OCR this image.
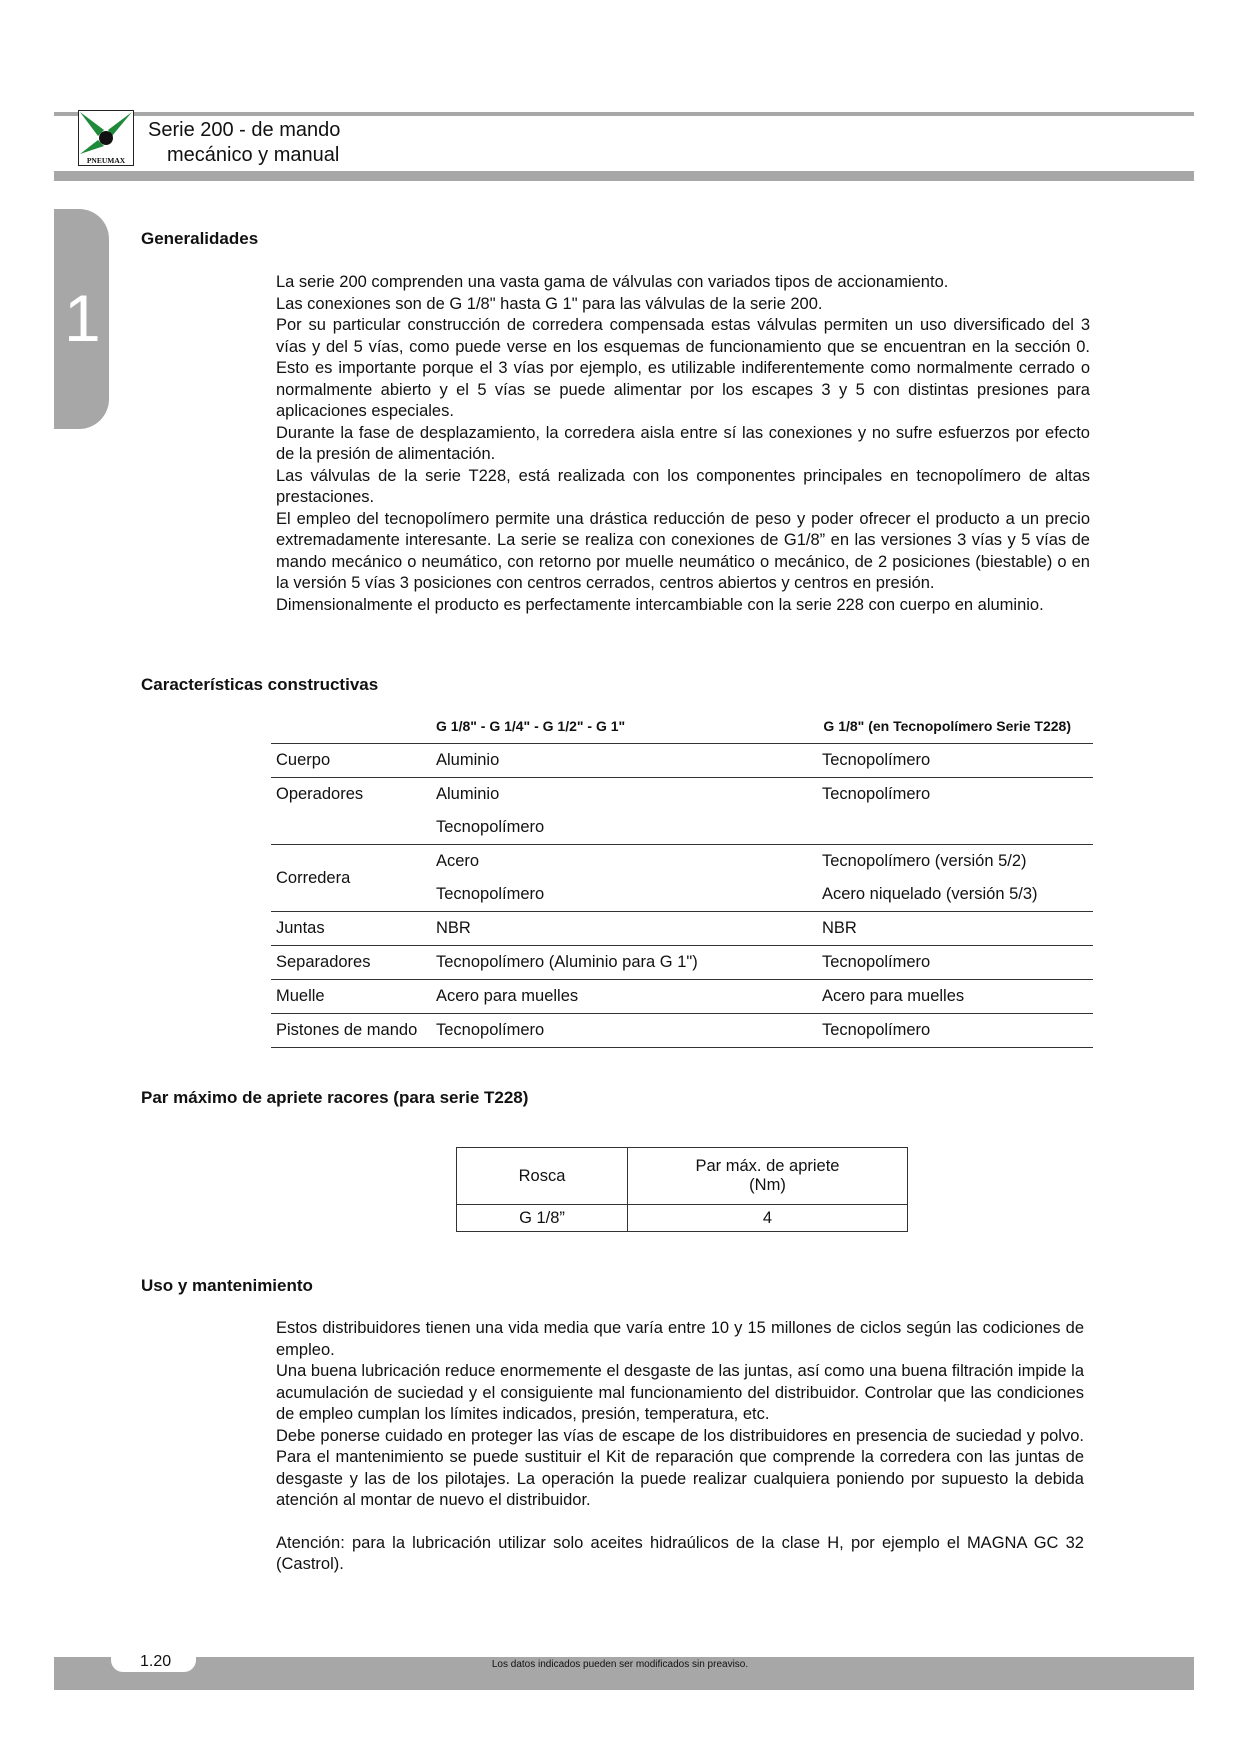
PNEUMAX
Serie 200 - de mando
mecánico y manual
1
Generalidades

La serie 200 comprenden una vasta gama de válvulas con variados tipos de accionamiento.

Las conexiones son de G 1/8" hasta G 1" para las válvulas de la serie 200.

Por su particular construcción de corredera compensada estas válvulas permiten un uso diversificado del 3 vías y del 5 vías, como puede verse en los esquemas de funcionamiento que se encuentran en la sección 0. Esto es importante porque el 3 vías por ejemplo, es utilizable indiferentemente como normalmente cerrado o normalmente abierto y el 5 vías se puede alimentar por los escapes 3 y 5 con distintas presiones para aplicaciones especiales.

Durante la fase de desplazamiento, la corredera aisla entre sí las conexiones y no sufre esfuerzos por efecto de la presión de alimentación.

Las válvulas de la serie T228, está realizada con los componentes principales en tecnopolímero de altas prestaciones.

El empleo del tecnopolímero permite una drástica reducción de peso y poder ofrecer el producto a un precio extremadamente interesante. La serie se realiza con conexiones de G1/8” en las versiones 3 vías y 5 vías de mando mecánico o neumático, con retorno por muelle neumático o mecánico, de 2 posiciones (biestable) o en la versión 5 vías 3 posiciones con centros cerrados, centros abiertos y centros en presión.

Dimensionalmente el producto es perfectamente intercambiable con la serie 228 con cuerpo en aluminio.

Características constructivas
	G 1/8" - G 1/4" - G 1/2" - G 1"	G 1/8" (en Tecnopolímero Serie T228)
Cuerpo	Aluminio	Tecnopolímero
Operadores	Aluminio	Tecnopolímero
	Tecnopolímero	
Corredera	Acero	Tecnopolímero (versión 5/2)
	Tecnopolímero	Acero niquelado (versión 5/3)
Juntas	NBR	NBR
Separadores	Tecnopolímero (Aluminio para G 1")	Tecnopolímero
Muelle	Acero para muelles	Acero para muelles
Pistones de mando	Tecnopolímero	Tecnopolímero
Par máximo de apriete racores (para serie T228)
Rosca	Par máx. de apriete
(Nm)

G 1/8”	4
Uso y mantenimiento

Estos distribuidores tienen una vida media que varía entre 10 y 15 millones de ciclos según las codiciones de empleo.

Una buena lubricación reduce enormemente el desgaste de las juntas, así como una buena filtración impide la acumulación de suciedad y el consiguiente mal funcionamiento del distribuidor. Controlar que las condiciones de empleo cumplan los límites indicados, presión, temperatura, etc.

Debe ponerse cuidado en proteger las vías de escape de los distribuidores en presencia de suciedad y polvo. Para el mantenimiento se puede sustituir el Kit de reparación que comprende la corredera con las juntas de desgaste y las de los pilotajes. La operación la puede realizar cualquiera poniendo por supuesto la debida atención al montar de nuevo el distribuidor.

Atención: para la lubricación utilizar solo aceites hidraúlicos de la clase H, por ejemplo el MAGNA GC 32 (Castrol).

1.20	Los datos indicados pueden ser modificados sin preaviso.
